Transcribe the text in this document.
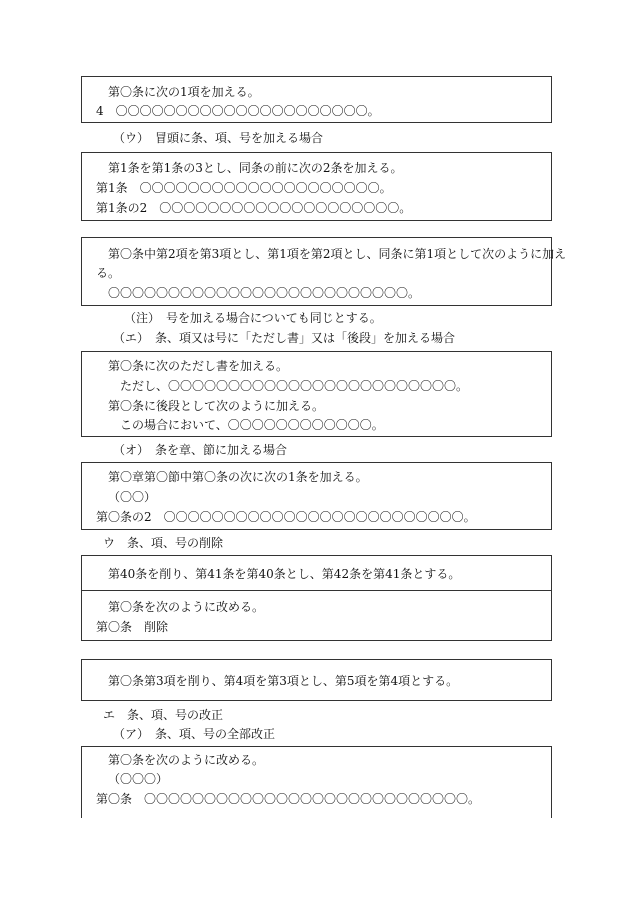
第〇条に次の1項を加える。
4　〇〇〇〇〇〇〇〇〇〇〇〇〇〇〇〇〇〇〇〇〇。
（ウ）　冒頭に条、項、号を加える場合
第1条を第1条の3とし、同条の前に次の2条を加える。
第1条　〇〇〇〇〇〇〇〇〇〇〇〇〇〇〇〇〇〇〇〇。
第1条の2　〇〇〇〇〇〇〇〇〇〇〇〇〇〇〇〇〇〇〇〇。
第〇条中第2項を第3項とし、第1項を第2項とし、同条に第1項として次のように加え
る。
〇〇〇〇〇〇〇〇〇〇〇〇〇〇〇〇〇〇〇〇〇〇〇〇〇。
（注）　号を加える場合についても同じとする。
（エ）　条、項又は号に「ただし書」又は「後段」を加える場合
第〇条に次のただし書を加える。
ただし、〇〇〇〇〇〇〇〇〇〇〇〇〇〇〇〇〇〇〇〇〇〇〇〇。
第〇条に後段として次のように加える。
この場合において、〇〇〇〇〇〇〇〇〇〇〇〇。
（オ）　条を章、節に加える場合
第〇章第〇節中第〇条の次に次の1条を加える。
（〇〇）
第〇条の2　〇〇〇〇〇〇〇〇〇〇〇〇〇〇〇〇〇〇〇〇〇〇〇〇〇。
ウ　条、項、号の削除
第40条を削り、第41条を第40条とし、第42条を第41条とする。
第〇条を次のように改める。
第〇条　削除
第〇条第3項を削り、第4項を第3項とし、第5項を第4項とする。
エ　条、項、号の改正
（ア）　条、項、号の全部改正
第〇条を次のように改める。
（〇〇〇）
第〇条　〇〇〇〇〇〇〇〇〇〇〇〇〇〇〇〇〇〇〇〇〇〇〇〇〇〇〇。
